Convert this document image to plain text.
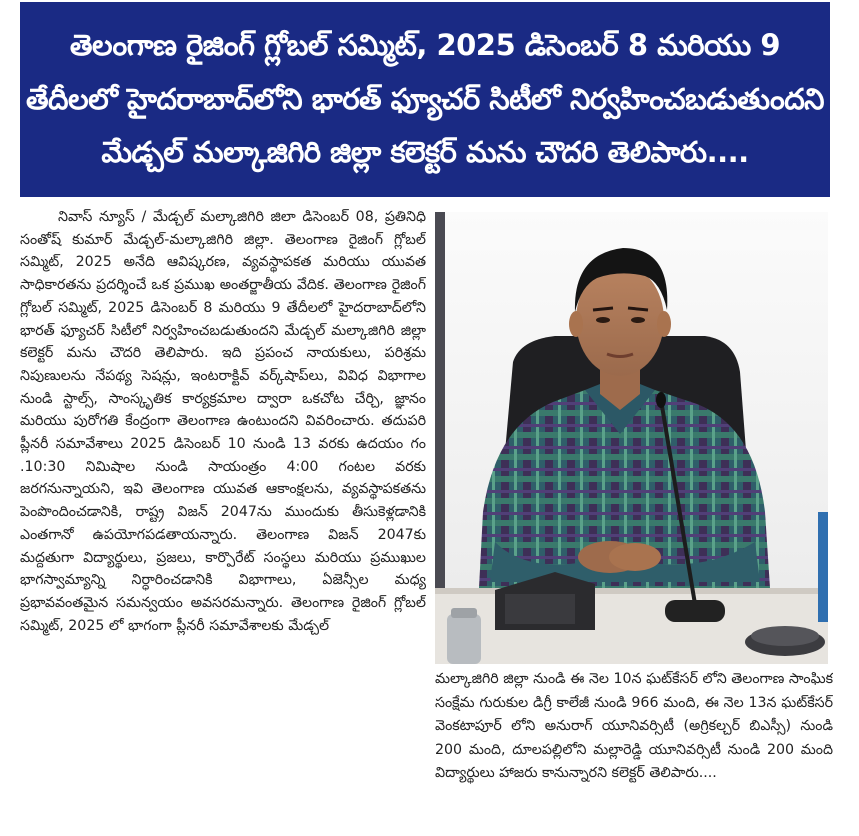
తెలంగాణ రైజింగ్ గ్లోబల్ సమ్మిట్, 2025 డిసెంబర్ 8 మరియు 9
తేదీలలో హైదరాబాద్‌లోని భారత్ ఫ్యూచర్ సిటీలో నిర్వహించబడుతుందని
మేడ్చల్ మల్కాజిగిరి జిల్లా కలెక్టర్ మను చౌదరి తెలిపారు....

నివాస్ న్యూస్ / మేడ్చల్ మల్కాజిగిరి జిలా డిసెంబర్ 08, ప్రతినిధి సంతోష్ కుమార్ మేడ్చల్-మల్కాజిగిరి జిల్లా. తెలంగాణ రైజింగ్ గ్లోబల్ సమ్మిట్, 2025 అనేది ఆవిష్కరణ, వ్యవస్థాపకత మరియు యువత సాధికారతను ప్రదర్శించే ఒక ప్రముఖ అంతర్జాతీయ వేదిక. తెలంగాణ రైజింగ్ గ్లోబల్ సమ్మిట్, 2025 డిసెంబర్ 8 మరియు 9 తేదీలలో హైదరాబాద్‌లోని భారత్ ఫ్యూచర్ సిటీలో నిర్వహించబడుతుందని మేడ్చల్ మల్కాజిగిరి జిల్లా కలెక్టర్ మను చౌదరి తెలిపారు. ఇది ప్రపంచ నాయకులు, పరిశ్రమ నిపుణులను నేపథ్య సెషన్లు, ఇంటరాక్టివ్ వర్క్‌షాప్‌లు, వివిధ విభాగాల నుండి స్టాల్స్, సాంస్కృతిక కార్యక్రమాల ద్వారా ఒకచోట చేర్చి, జ్ఞానం మరియు పురోగతి కేంద్రంగా తెలంగాణ ఉంటుందని వివరించారు. తదుపరి ప్లీనరీ సమావేశాలు 2025 డిసెంబర్ 10 నుండి 13 వరకు ఉదయం గం .10:30 నిమిషాల నుండి సాయంత్రం 4:00 గంటల వరకు జరగనున్నాయని, ఇవి తెలంగాణ యువత ఆకాంక్షలను, వ్యవస్థాపకతను పెంపొందించడానికి, రాష్ట్ర విజన్ 2047ను ముందుకు తీసుకెళ్లడానికి ఎంతగానో ఉపయోగపడతాయన్నారు. తెలంగాణ విజన్ 2047కు మద్దతుగా విద్యార్థులు, ప్రజలు, కార్పొరేట్ సంస్థలు మరియు ప్రముఖుల భాగస్వామ్యాన్ని నిర్ధారించడానికి విభాగాలు, ఏజెన్సీల మధ్య ప్రభావవంతమైన సమన్వయం అవసరమన్నారు. తెలంగాణ రైజింగ్ గ్లోబల్ సమ్మిట్, 2025 లో భాగంగా ప్లీనరీ సమావేశాలకు మేడ్చల్

మల్కాజిగిరి జిల్లా నుండి ఈ నెల 10న ఘట్‌కేసర్ లోని తెలంగాణ సాంఘిక సంక్షేమ గురుకుల డిగ్రీ కాలేజీ నుండి 966 మంది, ఈ నెల 13న ఘట్‌కేసర్ వెంకటాపూర్ లోని అనురాగ్ యూనివర్సిటీ (అగ్రికల్చర్ బిఎస్సీ) నుండి 200 మంది, దూలపల్లిలోని మల్లారెడ్డి యూనివర్సిటీ నుండి 200 మంది విద్యార్థులు హాజరు కానున్నారని కలెక్టర్ తెలిపారు....
